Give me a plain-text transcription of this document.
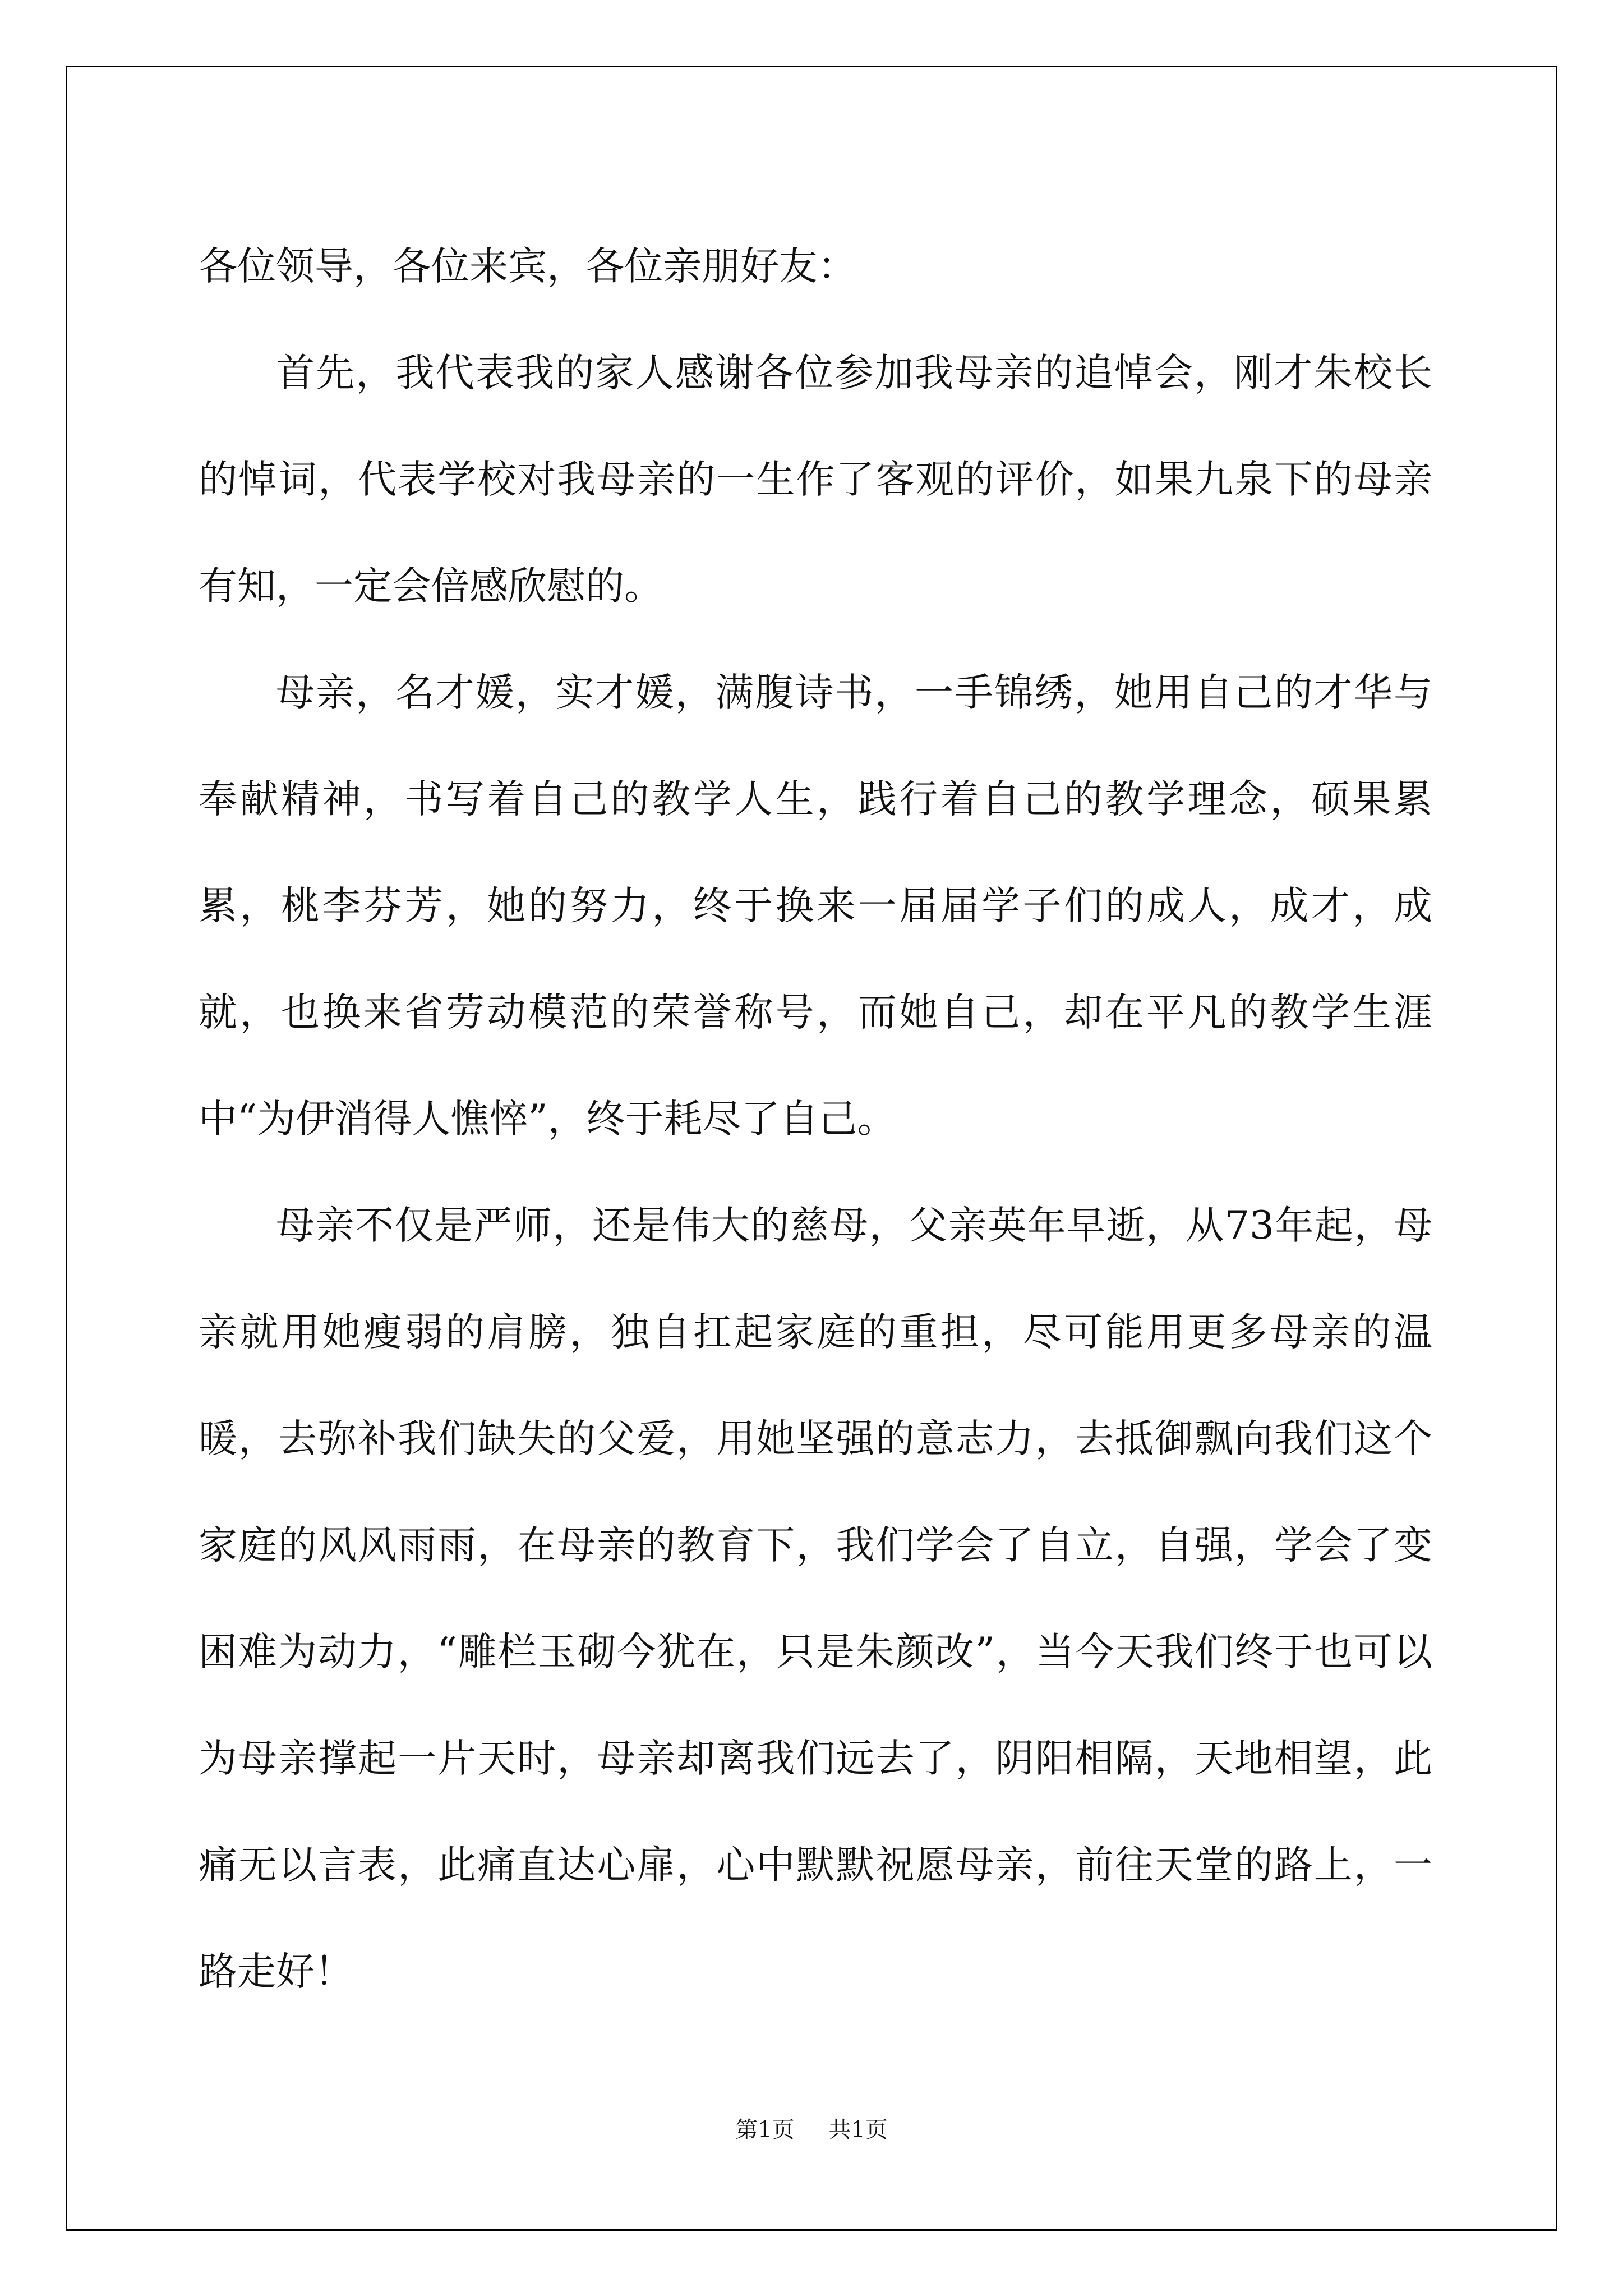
各位领导，各位来宾，各位亲朋好友：

首先，我代表我的家人感谢各位参加我母亲的追悼会，刚才朱校长的悼词，代表学校对我母亲的一生作了客观的评价，如果九泉下的母亲有知，一定会倍感欣慰的。

母亲，名才媛，实才媛，满腹诗书，一手锦绣，她用自己的才华与奉献精神，书写着自己的教学人生，践行着自己的教学理念，硕果累累，桃李芬芳，她的努力，终于换来一届届学子们的成人，成才，成就，也换来省劳动模范的荣誉称号，而她自己，却在平凡的教学生涯中“为伊消得人憔悴”，终于耗尽了自己。

母亲不仅是严师，还是伟大的慈母，父亲英年早逝，从73年起，母亲就用她瘦弱的肩膀，独自扛起家庭的重担，尽可能用更多母亲的温暖，去弥补我们缺失的父爱，用她坚强的意志力，去抵御飘向我们这个家庭的风风雨雨，在母亲的教育下，我们学会了自立，自强，学会了变困难为动力，“雕栏玉砌今犹在，只是朱颜改”，当今天我们终于也可以为母亲撑起一片天时，母亲却离我们远去了，阴阳相隔，天地相望，此痛无以言表，此痛直达心扉，心中默默祝愿母亲，前往天堂的路上，一路走好！

第1页 共1页
